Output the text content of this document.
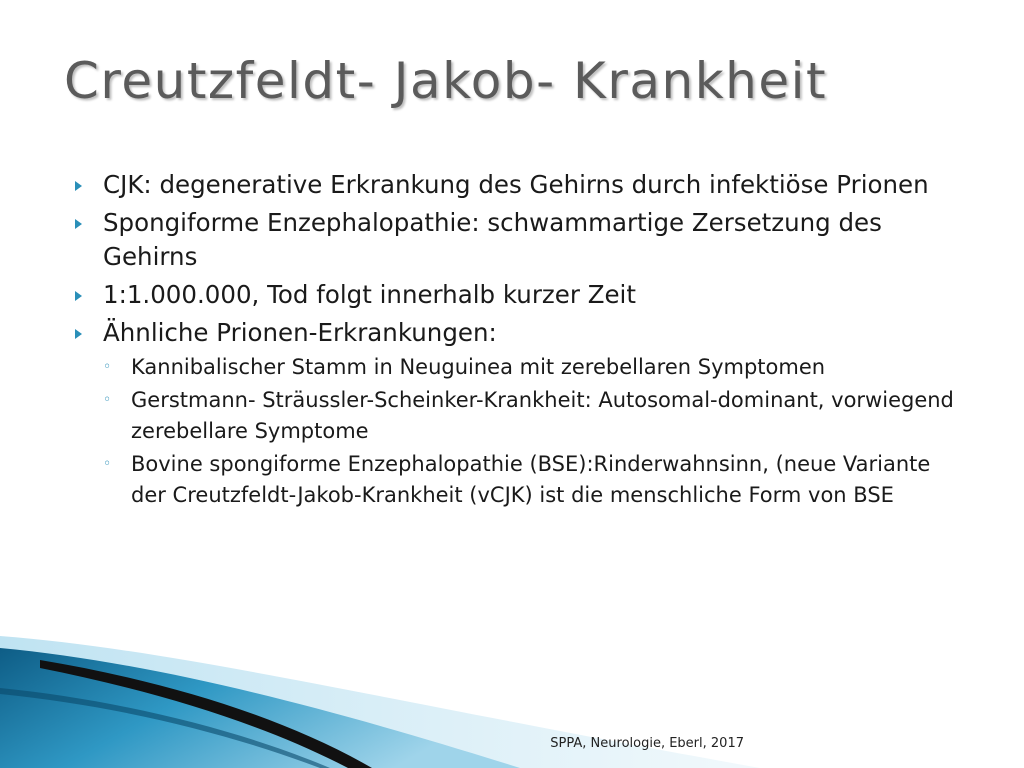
Creutzfeldt- Jakob- Krankheit
CJK: degenerative Erkrankung des Gehirns durch infektiöse Prionen
Spongiforme Enzephalopathie: schwammartige Zersetzung des Gehirns
1:1.000.000, Tod folgt innerhalb kurzer Zeit
Ähnliche Prionen-Erkrankungen:
◦ Kannibalischer Stamm in Neuguinea mit zerebellaren Symptomen
◦ Gerstmann- Sträussler-Scheinker-Krankheit: Autosomal-dominant, vorwiegend zerebellare Symptome
◦ Bovine spongiforme Enzephalopathie (BSE):Rinderwahnsinn, (neue Variante der Creutzfeldt-Jakob-Krankheit (vCJK) ist die menschliche Form von BSE
SPPA, Neurologie, Eberl, 2017
